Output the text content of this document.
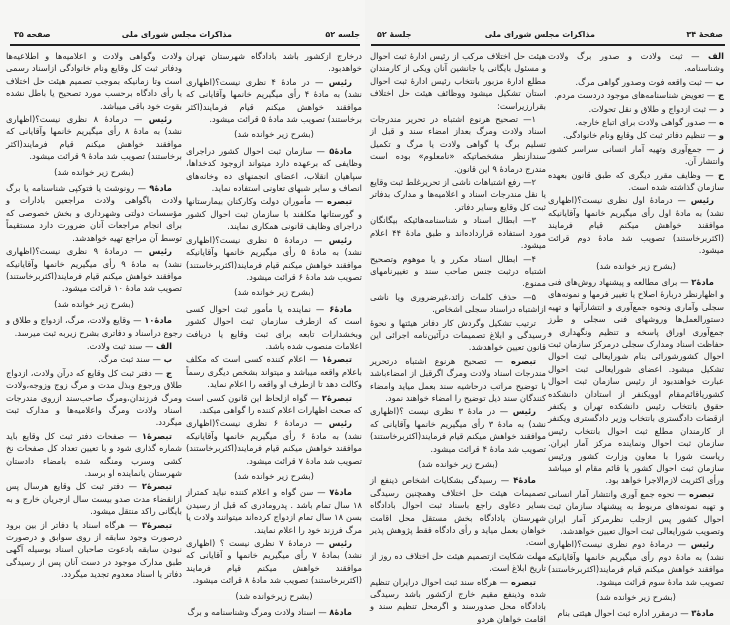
جلسه ۵۲
مذاکرات مجلس شورای ملی
صفحه ۳۵

درخارج ازکشور باشد بادادگاه شهرستان تهران خواهدبود.

رئیس — در مادهٔ ۴ نظری نیست؟(اظهاری نشد) به مادهٔ ۴ رأی میگیریم خانمها وآقایانی که موافقند خواهش میکنم قیام فرمایند(اکثر برخاستند) تصویب شد مادهٔ ۵ قرائت میشود.

(بشرح زیر خوانده شد)

مادهٔ۵ — سازمان ثبت احوال کشور دراجرای وظایفی که برعهده دارد میتواند ازوجود کدخداها، سپاهیان انقلاب، اعضای انجمنهای ده وخانه‌های انصاف و سایر شبهای تعاونی استفاده نماید.

تبصره — مأموران دولت وکارکنان بیمارستانها و گورستانها مکلفند با سازمان ثبت احوال کشور دراجرای وظایف قانونی همکاری نمایند.

رئیس — درمادهٔ ۵ نظری نیست؟(اظهاری نشد) به مادهٔ ۵ رأی میگیریم خانمها وآقایانیکه موافقند خواهش میکنم قیام فرمایند(اکثربرخاستند) تصویب شد مادهٔ ۶ قرائت میشود.

(بشرح زیر خوانده شد)

مادهٔ۶ — نماینده یا مأمور ثبت احوال کسی است که ازطرف سازمان ثبت احوال کشور وبخشدارات تابعه برای ثبت وقایع یا دریافت اعلامات منصوب شده باشد.

تبصرهٔ۱ — اعلام کننده کسی است که مکلف باعلام واقعه میباشد و میتواند بشخص دیگری رسماً وکالت دهد تا ازطرف او واقعه را اعلام نماید.

تبصرهٔ۲ — گواه ازلحاظ این قانون کسی است که صحت اظهارات اعلام کننده را گواهی میکند.

رئیس — درمادهٔ ۶ نظری نیست؟(اظهاری نشد) به مادهٔ ۶ رأی میگیریم خانمها وآقایانیکه موافقند خواهش میکنم قیام فرمایند(اکثربرخاستند) تصویب شد مادهٔ ۷ قرائت میشود.

(بشرح زیر خوانده شد)

مادهٔ۷ — سن گواه و اعلام کننده نباید کمتراز ۱۸ سال تمام باشد . پدرومادری که قبل از رسیدن بسن ۱۸ سال تمام ازدواج کرده‌اند میتوانند ولادت یا مرگ فرزند خود را اعلام نمایند.

رئیس — درمادهٔ ۷ نظری نیست ؟ (اظهاری نشد) بمادهٔ ۷ رأی میگیریم خانمها و آقایانی که موافقند خواهش میکنم قیام فرمایند (اکثربرخاستند) تصویب شد مادهٔ ۸ قرائت میشود.

(بشرح زیرخوانده شد)

مادهٔ۸ — اسناد ولادت ومرگ وشناسنامه و برگ

ولادت وگواهی ولادت و اعلامیه‌ها و اطلاعیه‌ها ودفاتر ثبت کل وقایع ونام خانوادگی ازاسناد رسمی است وتا زمانیکه بموجب تصمیم هیئت حل اختلاف یا رأی دادگاه برحسب مورد تصحیح یا باطل نشده بقوت خود باقی میباشد.

رئیس — درمادهٔ ۸ نظری نیست؟(اظهاری نشد) به مادهٔ ۸ رأی میگیریم خانمها وآقایانی که موافقند خواهش میکنم قیام فرمایند(اکثر برخاستند) تصویب شد مادهٔ ۹ قرائت میشود.

(بشرح زیر خوانده شد)

مادهٔ۹ — رونوشت یا فتوکپی شناسنامه یا برگ ولادت باگواهی ولادت مراجعین بادارات و مؤسسات دولتی وشهرداری و بخش خصوصی که برای انجام مراجعات آنان ضرورت دارد مستقیماً توسط آن مراجع تهیه خواهدشد.

رئیس — درمادهٔ ۹ نظری نیست؟(اظهاری نشد) به مادهٔ ۹ رأی میگیریم خانمها وآقایانیکه موافقند خواهش میکنم قیام فرمایند(اکثربرخاستند) تصویب شد مادهٔ ۱۰ قرائت میشود.

(بشرح زیر خوانده شد)

مادهٔ۱۰ — وقایع ولادت، مرگ، ازدواج و طلاق و رجوع دراسناد و دفاتری بشرح زیربه ثبت میرسد.

الف — سند ثبت ولادت.

ب — سند ثبت مرگ.

ج — دفتر ثبت کل وقایع که درآن ولادت، ازدواج طلاق ورجوع وبذل مدت و مرگ زوج وزوجه،ولادت ومرگ فرزندان،ومرگ صاحب‌سند ازروی مندرجات اسناد ولادت ومرگ واعلامیه‌ها و مدارک ثبت میگردد.

تبصرهٔ۱ — صفحات دفتر ثبت کل وقایع باید شماره گذاری شود و با تعیین تعداد کل صفحات نخ کشی وسرب ومنگنه شده بامضاء دادستان شهرستان یانماینده او برسد.

تبصرهٔ۲ — دفتر ثبت کل وقایع هرسال پس ازانقضاء مدت صدو بیست سال ازجریان خارج و به بایگانی راکد منتقل میشود.

تبصرهٔ۳ — هرگاه اسناد یا دفاتر از بین برود درصورت وجود سابقه از روی سوابق و درصورت نبودن سابقه بادعوت صاحبان اسناد بوسیله آگهی طبق مدارک موجود در دست آنان پس از رسیدگی دفاتر یا اسناد معدوم تجدید میگردد.

صفحهٔ ۳۴
مذاکرات مجلس شورای ملی
جلسهٔ ۵۲

الف — ثبت ولادت و صدور برگ ولادت وشناسنامه.

ب — ثبت واقعه فوت وصدور گواهی مرگ.

ج — تعویض شناسنامه‌های موجود دردست مردم.

د — ثبت ازدواج و طلاق و نقل تحولات.

ه — صدور گواهی ولادت برای اتباع خارجه.

و — تنظیم دفاتر ثبت کل وقایع ونام خانوادگی.

ز — جمع‌آوری وتهیه آمار انسانی سراسر کشور وانتشار آن.

ح — وظایف مقرر دیگری که طبق قانون بعهده سازمان گذاشته شده است.

رئیس — درمادهٔ اول نظری نیست؟(اظهاری نشد) به مادهٔ اول رأی میگیریم خانمها وآقایانیکه موافقند خواهش میکنم قیام فرمایند (اکثربرخاستند) تصویب شد مادهٔ دوم قرائت میشود.

(بشرح زیر خوانده شد)

مادهٔ۲ — برای مطالعه و پیشنهاد روش‌های فنی و اظهارنظر دربارهٔ اصلاح یا تغییر فرمها و نمونه‌های سجلی وآماری ونحوه جمع‌آوری و انتشارآنها و تهیه دستورالعمل‌ها وروشهای فنی سجلی و طرز جمع‌آوری اوراق پاسخه و تنظیم ونگهداری و حفاظت اسناد ومدارک سجلی درمرکز سازمان ثبت احوال کشورشورائی بنام شورایعالی ثبت احوال تشکیل میشود. اعضای شورایعالی ثبت احوال عبارت خواهندبود از رئیس سازمان ثبت احوال کشوریاقائم‌مقام اوویکنفر از استادان دانشکده حقوق بانتخاب رئیس دانشکده تهران و یکنفر ازقضات دادگستری بانتخاب وزیر دادگستری ویکنفر از کارمندان مطلع ثبت احوال بانتخاب رئیس سازمان ثبت احوال ونماینده مرکز آمار ایران. ریاست شورا با معاون وزارت کشور ورئیس سازمان ثبت احوال کشور یا قائم مقام او میباشد ورأی اکثریت لازم‌الاجرا خواهد بود.

تبصره — نحوه جمع آوری وانتشار آمار انسانی و تهیه نمونه‌های مربوط به پیشنهاد سازمان ثبت احوال کشور پس ازجلب نظرمرکز آمار ایران وتصویب شورایعالی ثبت احوال تعیین خواهدشد.

رئیس — درمادهٔ دوم نظری نیست؟(اظهاری نشد) به مادهٔ دوم رأی میگیریم خانمها وآقایانیکه موافقند خواهش میکنم قیام فرمایند(اکثربرخاستند) تصویب شد مادهٔ سوم قرائت میشود.

(بشرح زیر خوانده شد)

مادهٔ۳ — درمقرر اداره ثبت احوال هیئتی بنام

هیئت حل اختلاف مرکب از رئیس ادارهٔ ثبت احوال و مسئول بایگانی یا جانشین آنان ویکی از کارمندان مطلع ادارهٔ مزبور بانتخاب رئیس ادارهٔ ثبت احوال استان تشکیل میشود ووظائف هیئت حل اختلاف بقرارزیراست:

۱— تصحیح هرنوع اشتباه در تحریر مندرجات اسناد ولادت ومرگ بعداز امضاء سند و قبل از تسلیم برگ یا گواهی ولادت یا مرگ و تکمیل سندازنظر مشخصاتیکه «نامعلوم» بوده است مندرج درمادهٔ ۹ این قانون.

۲— رفع اشتباهات ناشی از تحریرغلط ثبت وقایع یا نقل مندرجات اسناد و اعلامیه‌ها و مدارک بدفاتر ثبت کل وقایع وسایر دفاتر.

۳— ابطال اسناد و شناسنامه‌هائیکه بیگانگان مورد استفاده قرارداده‌اند و طبق مادهٔ ۴۴ اعلام میشود.

۴— ابطال اسناد مکرر و یا موهوم وتصحیح اشتباه درثبت جنس صاحب سند و تغییرنامهای ممنوع.

۵— حذف کلمات زائد،غیرضروری ویا ناشی ازاشتباه دراسناد سجلی اشخاص.

ترتیب تشکیل وگردش کار دفاتر هیئتها و نحوهٔ رسیدگی و ابلاغ تصمیمات درآئین‌نامه اجرائی این قانون تعیین خواهدشد.

تبصره — تصحیح هرنوع اشتباه درتحریر مندرجات اسناد ولادت ومرگ اگرقبل از امضاءباشد با توضیح مراتب درحاشیه سند بعمل میاید وامضاء کنندگان سند ذیل توضیح را امضاء خواهند نمود.

رئیس — در مادهٔ ۳ نظری نیست ؟(اظهاری نشد) به مادهٔ ۳ رأی میگیریم خانمها وآقایانی که موافقند خواهش میکنم قیام فرمایند(اکثربرخاستند) تصویب شد مادهٔ ۴ قرائت میشود.

(بشرح زیر خوانده شد)

مادهٔ۴ — رسیدگی بشکایات اشخاص ذینفع از تصمیمات هیئت حل اختلاف وهمچنین رسیدگی بسایر دعاوی راجع باسناد ثبت احوال بادادگاه شهرستان یادادگاه بخش مستقل محل اقامت خواهان بعمل میاید و رأی دادگاه فقط پژوهش پذیر است.

مهلت شکایت ازتصمیم هیئت حل اختلاف ده روز از تاریخ ابلاغ است.

تبصره — هرگاه سند ثبت احوال درایران تنظیم شده وذینفع مقیم خارج ازکشور باشد رسیدگی بادادگاه محل صدورسند و اگرمحل تنظیم سند و اقامت خواهان هردو
